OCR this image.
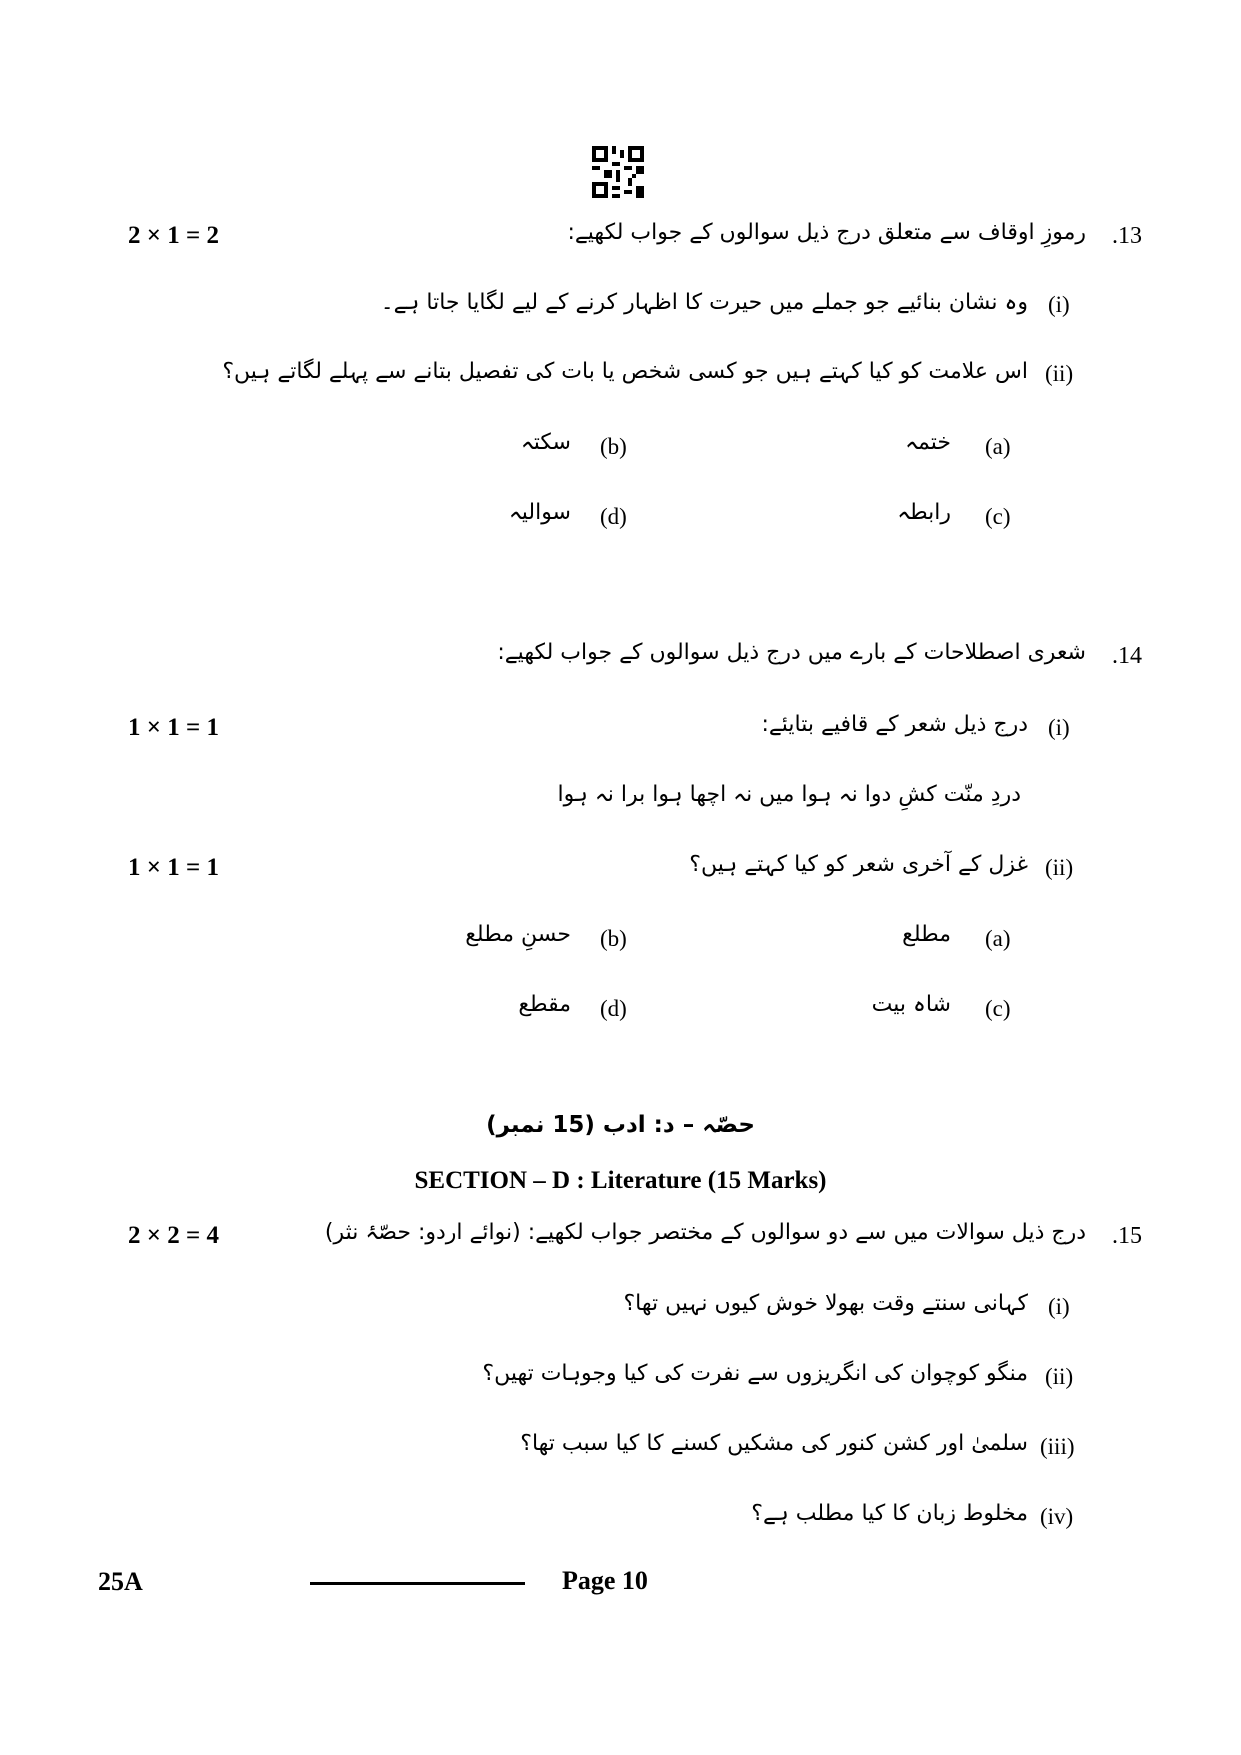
2 × 1 = 2	.13
رموزِ اوقاف سے متعلق درج ذیل سوالوں کے جواب لکھیے:
(i)
وہ نشان بنائیے جو جملے میں حیرت کا اظہار کرنے کے لیے لگایا جاتا ہے۔
(ii)
اس علامت کو کیا کہتے ہیں جو کسی شخص یا بات کی تفصیل بتانے سے پہلے لگاتے ہیں؟
(a)
ختمہ
(b)
سکتہ
(c)
رابطہ
(d)
سوالیہ
.14
شعری اصطلاحات کے بارے میں درج ذیل سوالوں کے جواب لکھیے:
1 × 1 = 1	(i)
درج ذیل شعر کے قافیے بتایئے:
دردِ منّت کشِ دوا نہ ہوا میں نہ اچھا ہوا برا نہ ہوا
1 × 1 = 1	(ii)
غزل کے آخری شعر کو کیا کہتے ہیں؟
(a)
مطلع
(b)
حسنِ مطلع
(c)
شاہ بیت
(d)
مقطع
حصّہ – د: ادب (15 نمبر)
SECTION – D : Literature (15 Marks)
2 × 2 = 4	.15
درج ذیل سوالات میں سے دو سوالوں کے مختصر جواب لکھیے: (نوائے اردو: حصّۂ نثر)
(i)
کہانی سنتے وقت بھولا خوش کیوں نہیں تھا؟
(ii)
منگو کوچوان کی انگریزوں سے نفرت کی کیا وجوہات تھیں؟
(iii)
سلمیٰ اور کشن کنور کی مشکیں کسنے کا کیا سبب تھا؟
(iv)
مخلوط زبان کا کیا مطلب ہے؟
25A	Page 10
